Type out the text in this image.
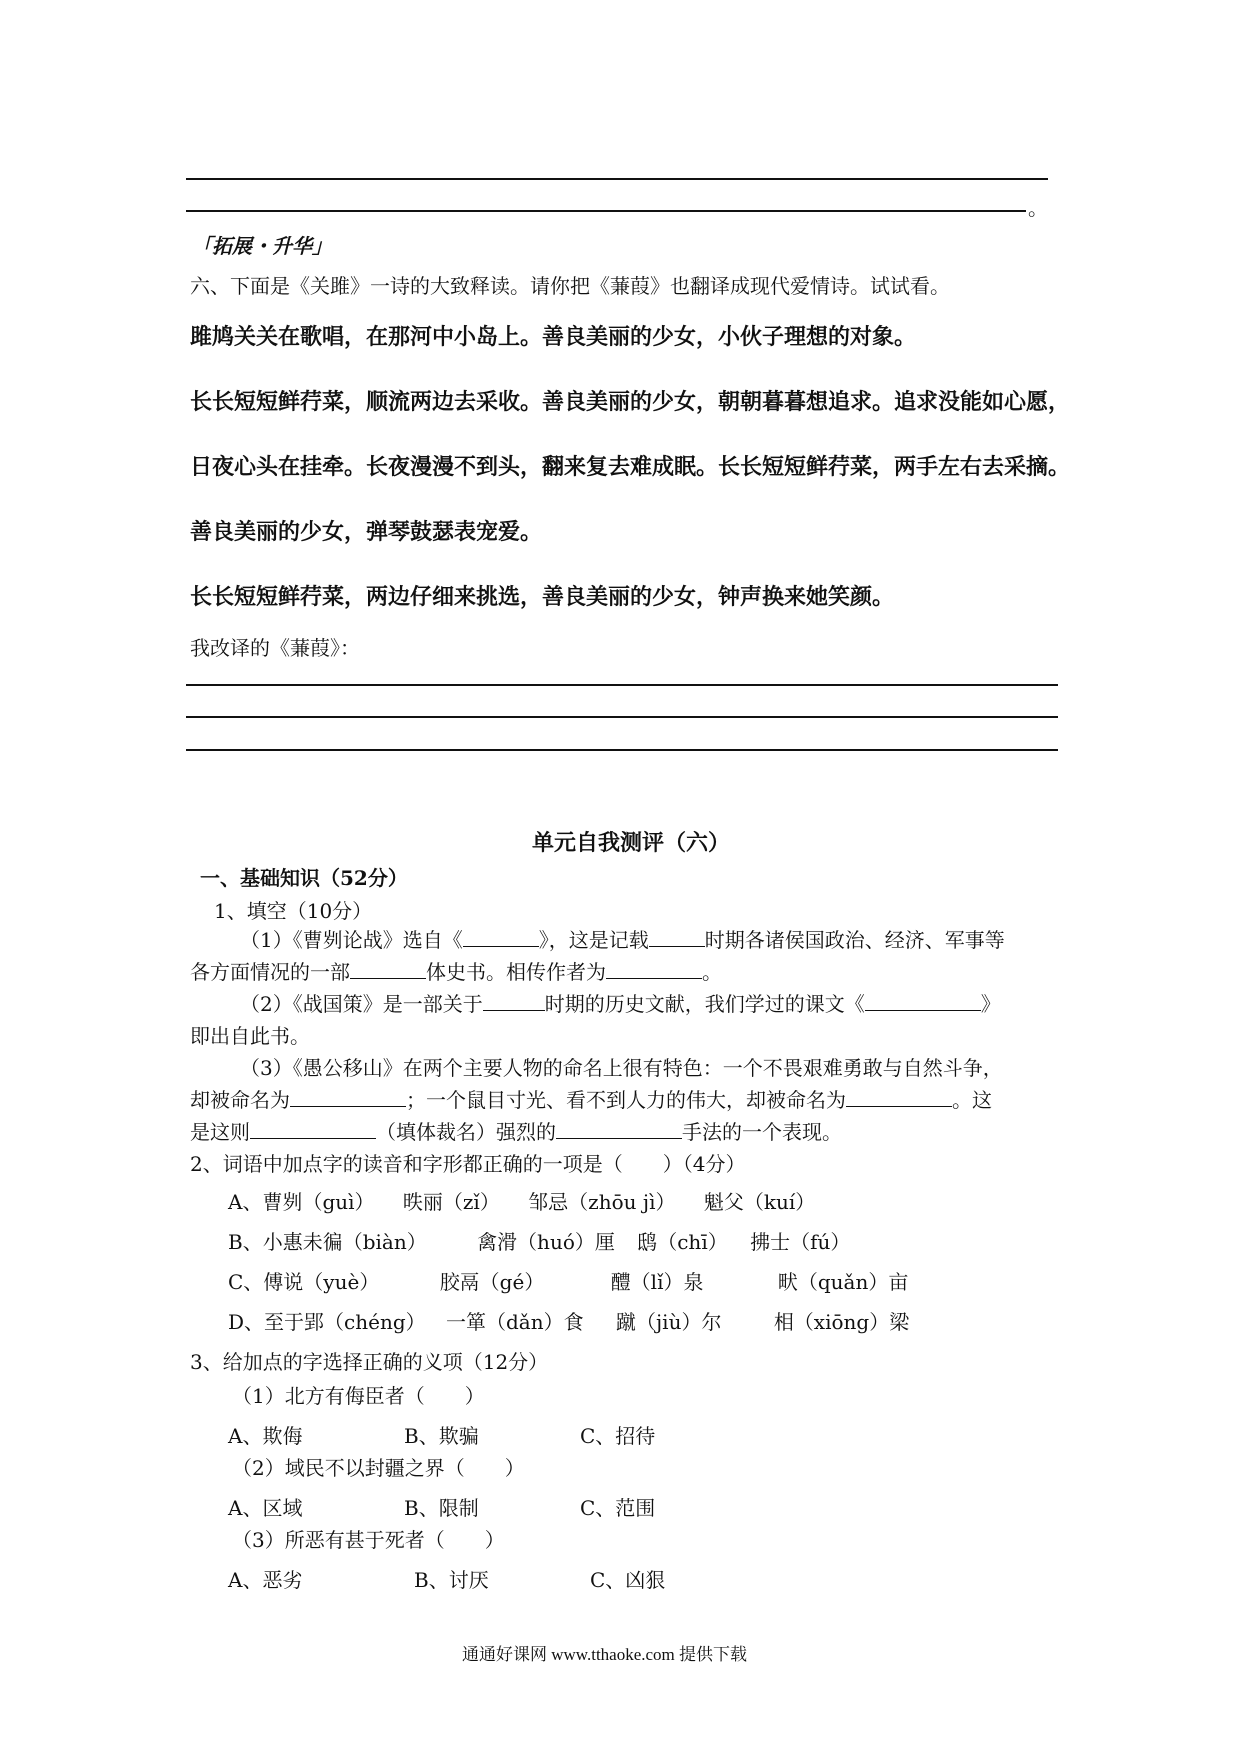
。
「拓展・升华」
六、下面是《关雎》一诗的大致释读。请你把《蒹葭》也翻译成现代爱情诗。试试看。
雎鸠关关在歌唱，在那河中小岛上。善良美丽的少女，小伙子理想的对象。
长长短短鲜荇菜，顺流两边去采收。善良美丽的少女，朝朝暮暮想追求。追求没能如心愿，
日夜心头在挂牵。长夜漫漫不到头，翻来复去难成眠。长长短短鲜荇菜，两手左右去采摘。
善良美丽的少女，弹琴鼓瑟表宠爱。
长长短短鲜荇菜，两边仔细来挑选，善良美丽的少女，钟声换来她笑颜。
我改译的《蒹葭》：
单元自我测评（六）
一、基础知识（52分）
1、填空（10分）
（1）《曹刿论战》选自《	》，这是记载	时期各诸侯国政治、经济、军事等
各方面情况的一部	体史书。相传作者为	。
（2）《战国策》是一部关于	时期的历史文献，我们学过的课文《	》
即出自此书。
（3）《愚公移山》在两个主要人物的命名上很有特色：一个不畏艰难勇敢与自然斗争，
却被命名为	；一个鼠目寸光、看不到人力的伟大，却被命名为	。这
是这则	（填体裁名）强烈的	手法的一个表现。
2、词语中加点字的读音和字形都正确的一项是（　　）（4分）
A、曹刿（guì） 昳丽（zǐ） 邹忌（zhōu jì） 魁父（kuí）
B、小惠未徧（biàn）	禽滑（huó）厘 鸱（chī） 拂士（fú）
C、傅说（yuè）	胶鬲（gé）	醴（lǐ）泉	畎（quǎn）亩
D、至于郢（chéng） 一箪（dǎn）食 蹴（jiù）尔	相（xiōng）梁
3、给加点的字选择正确的义项（12分）
（1）北方有侮臣者（　　）
A、欺侮	B、欺骗	C、招待
（2）域民不以封疆之界（　　）
A、区域	B、限制	C、范围
（3）所恶有甚于死者（　　）
A、恶劣	B、讨厌	C、凶狠
通通好课网 www.tthaoke.com 提供下载
